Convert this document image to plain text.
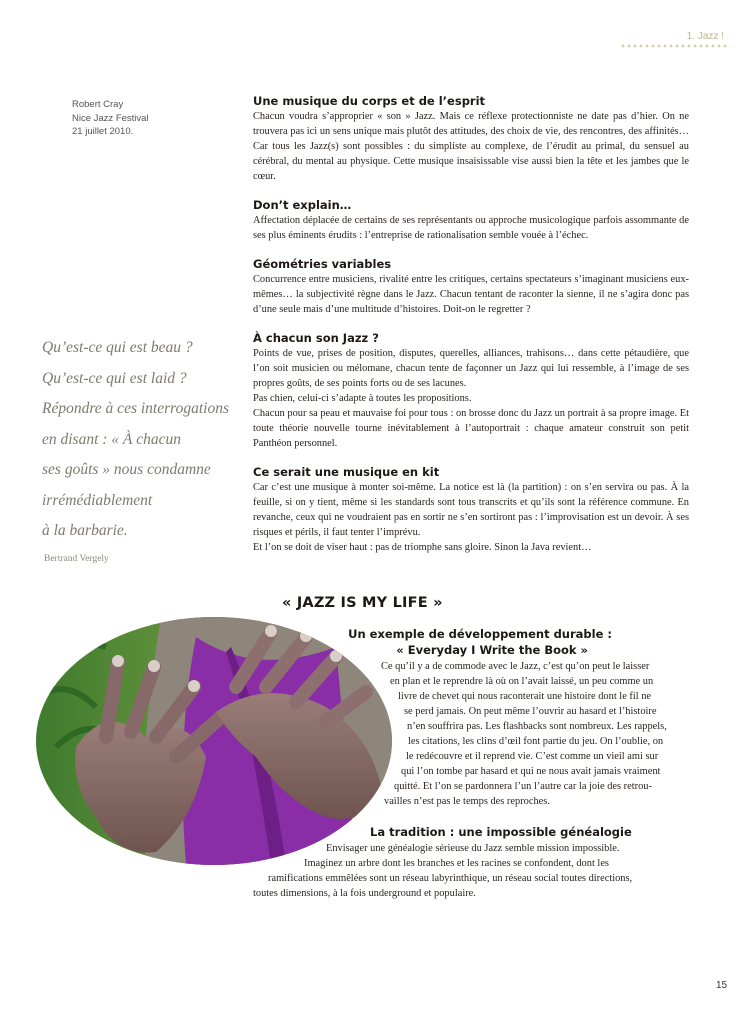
1. Jazz !
Robert Cray
Nice Jazz Festival
21 juillet 2010.
Une musique du corps et de l’esprit

Chacun voudra s’approprier « son » Jazz. Mais ce réflexe protectionniste ne date pas d’hier. On ne trouvera pas ici un sens unique mais plutôt des attitudes, des choix de vie, des rencontres, des affinités… Car tous les Jazz(s) sont possibles : du simpliste au complexe, de l’érudit au primal, du sensuel au cérébral, du mental au physique. Cette musique insaisissable vise aussi bien la tête et les jambes que le cœur.

Don’t explain…

Affectation déplacée de certains de ses représentants ou approche musicologique parfois assommante de ses plus éminents érudits : l’entreprise de rationalisation semble vouée à l’échec.

Géométries variables

Concurrence entre musiciens, rivalité entre les critiques, certains spectateurs s’imaginant musiciens eux-mêmes… la subjectivité règne dans le Jazz. Chacun tentant de raconter la sienne, il ne s’agira donc pas d’une seule mais d’une multitude d’histoires. Doit-on le regretter ?

À chacun son Jazz ?

Points de vue, prises de position, disputes, querelles, alliances, trahisons… dans cette pétaudière, que l’on soit musicien ou mélomane, chacun tente de façonner un Jazz qui lui ressemble, à l’image de ses propres goûts, de ses points forts ou de ses lacunes.
Pas chien, celui-ci s’adapte à toutes les propositions.
Chacun pour sa peau et mauvaise foi pour tous : on brosse donc du Jazz un portrait à sa propre image. Et toute théorie nouvelle tourne inévitablement à l’autoportrait : chaque amateur construit son petit Panthéon personnel.

Ce serait une musique en kit

Car c’est une musique à monter soi-même. La notice est là (la partition) : on s’en servira ou pas. À la feuille, si on y tient, même si les standards sont tous transcrits et qu’ils sont la référence commune. En revanche, ceux qui ne voudraient pas en sortir ne s’en sortiront pas : l’improvisation est un devoir. À ses risques et périls, il faut tenter l’imprévu.
Et l’on se doit de viser haut : pas de triomphe sans gloire. Sinon la Java revient…

Qu’est-ce qui est beau ?
Qu’est-ce qui est laid ?
Répondre à ces interrogations
en disant : « À chacun
ses goûts » nous condamne
irrémédiablement
à la barbarie.
Bertrand Vergely
« JAZZ IS MY LIFE »
Un exemple de développement durable :
« Everyday I Write the Book »
Ce qu’il y a de commode avec le Jazz, c’est qu’on peut le laisser
en plan et le reprendre là où on l’avait laissé, un peu comme un
livre de chevet qui nous raconterait une histoire dont le fil ne
se perd jamais. On peut même l’ouvrir au hasard et l’histoire
n’en souffrira pas. Les flashbacks sont nombreux. Les rappels,
les citations, les clins d’œil font partie du jeu. On l’oublie, on
le redécouvre et il reprend vie. C’est comme un vieil ami sur
qui l’on tombe par hasard et qui ne nous avait jamais vraiment
quitté. Et l’on se pardonnera l’un l’autre car la joie des retrou-
vailles n’est pas le temps des reproches.
La tradition : une impossible généalogie
Envisager une généalogie sérieuse du Jazz semble mission impossible.
Imaginez un arbre dont les branches et les racines se confondent, dont les
ramifications emmêlées sont un réseau labyrinthique, un réseau social toutes directions,
toutes dimensions, à la fois underground et populaire.
15
